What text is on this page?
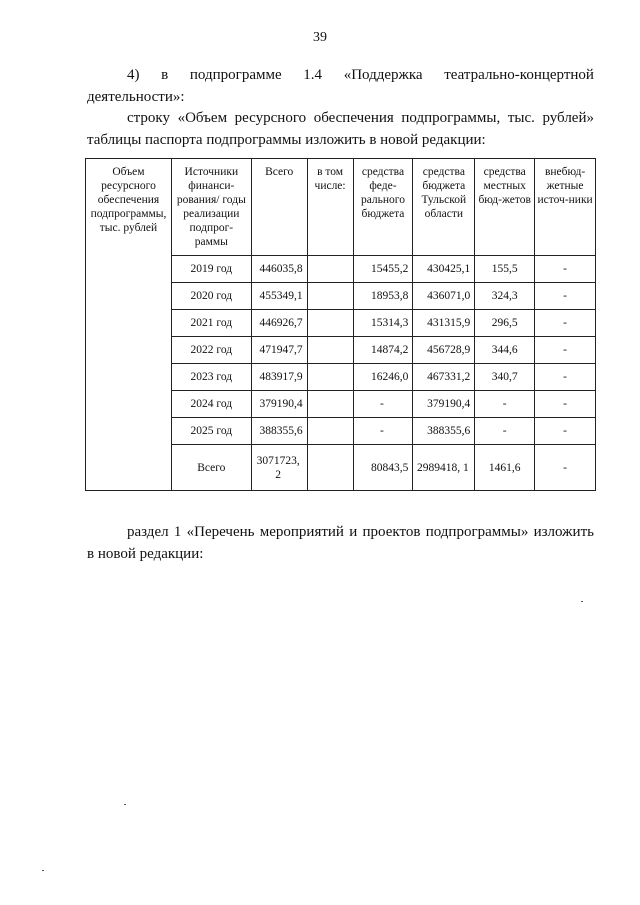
39
4) в подпрограмме 1.4 «Поддержка театрально-концертной
деятельности»:
строку «Объем ресурсного обеспечения подпрограммы, тыс. рублей»
таблицы паспорта подпрограммы изложить в новой редакции:
Объем ресурсного обеспечения подпрограммы, тыс. рублей	Источники финанси-рования/ годы реализации подпрог-раммы	Всего	в том числе:	средства феде-рального бюджета	средства бюджета Тульской области	средства местных бюд-жетов	внебюд-жетные источ-ники
	2019 год	446035,8		15455,2	430425,1	155,5	-
	2020 год	455349,1		18953,8	436071,0	324,3	-
	2021 год	446926,7		15314,3	431315,9	296,5	-
	2022 год	471947,7		14874,2	456728,9	344,6	-
	2023 год	483917,9		16246,0	467331,2	340,7	-
	2024 год	379190,4		-	379190,4	-	-
	2025 год	388355,6		-	388355,6	-	-
	Всего	3071723, 2		80843,5	2989418, 1	1461,6	-
раздел 1 «Перечень мероприятий и проектов подпрограммы» изложить
в новой редакции:
